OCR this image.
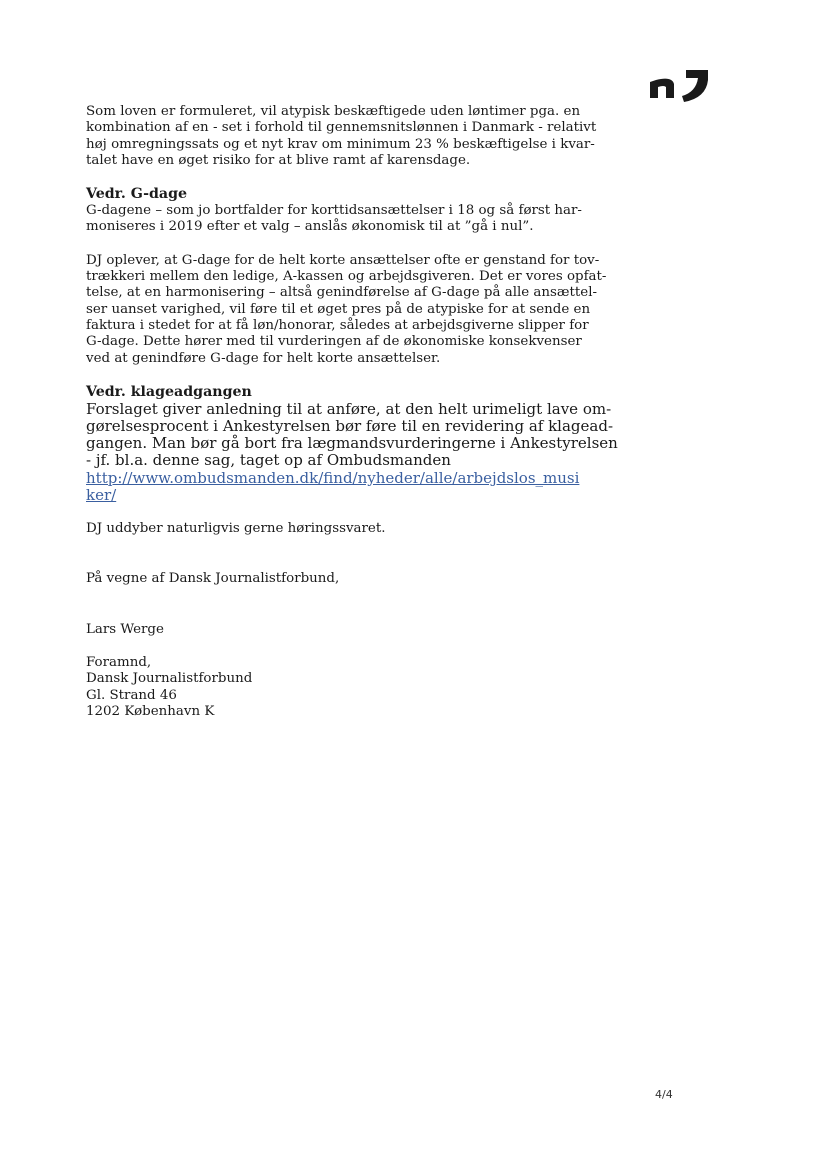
Som loven er formuleret, vil atypisk beskæftigede uden løntimer pga. en
kombination af en - set i forhold til gennemsnitslønnen i Danmark - relativt
høj omregningssats og et nyt krav om minimum 23 % beskæftigelse i kvar-
talet have en øget risiko for at blive ramt af karensdage.
Vedr. G-dage
G-dagene – som jo bortfalder for korttidsansættelser i 18 og så først har-
moniseres i 2019 efter et valg – anslås økonomisk til at ”gå i nul”.
DJ oplever, at G-dage for de helt korte ansættelser ofte er genstand for tov-
trækkeri mellem den ledige, A-kassen og arbejdsgiveren. Det er vores opfat-
telse, at en harmonisering – altså genindførelse af G-dage på alle ansættel-
ser uanset varighed, vil føre til et øget pres på de atypiske for at sende en
faktura i stedet for at få løn/honorar, således at arbejdsgiverne slipper for
G-dage. Dette hører med til vurderingen af de økonomiske konsekvenser
ved at genindføre G-dage for helt korte ansættelser.
Vedr. klageadgangen
Forslaget giver anledning til at anføre, at den helt urimeligt lave om-
gørelsesprocent i Ankestyrelsen bør føre til en revidering af klagead-
gangen. Man bør gå bort fra lægmandsvurderingerne i Ankestyrelsen
- jf. bl.a. denne sag, taget op af Ombudsmanden
http://www.ombudsmanden.dk/find/nyheder/alle/arbejdslos_musi
ker/
DJ uddyber naturligvis gerne høringssvaret.
På vegne af Dansk Journalistforbund,
Lars Werge
Foramnd,
Dansk Journalistforbund
Gl. Strand 46
1202 København K
4/4
